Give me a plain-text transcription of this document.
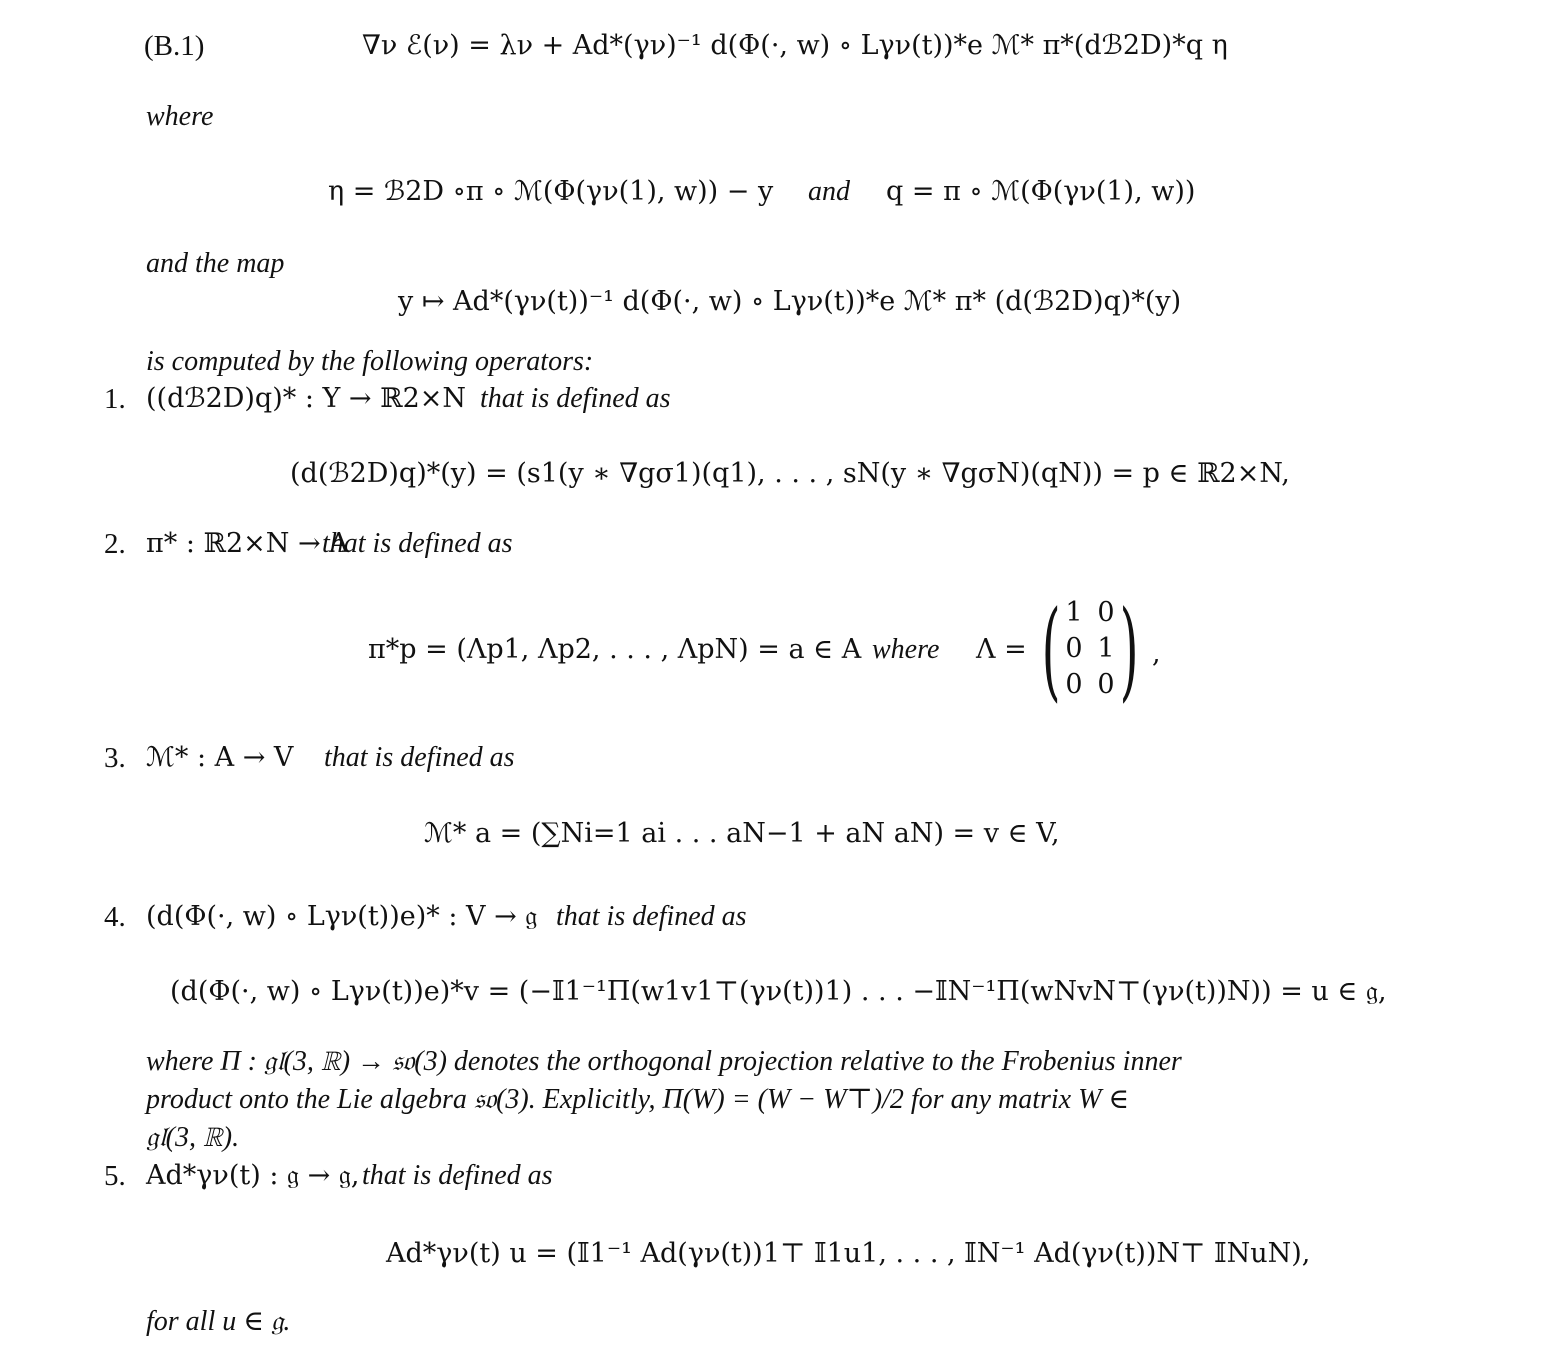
(B.1)	∇ν ℰ(ν) = λν + Ad*(γν)⁻¹ d(Φ(·, w) ∘ Lγν(t))*e ℳ* π*(dℬ2D)*q η
where
η = ℬ2D ∘π ∘ ℳ(Φ(γν(1), w)) − y and q = π ∘ ℳ(Φ(γν(1), w))
and the map
y ↦ Ad*(γν(t))⁻¹ d(Φ(·, w) ∘ Lγν(t))*e ℳ* π* (d(ℬ2D)q)*(y)
is computed by the following operators:
1. ((dℬ2D)q)* : Y → ℝ2×N that is defined as
(d(ℬ2D)q)*(y) = (s1(y ∗ ∇gσ1)(q1), . . . , sN(y ∗ ∇gσN)(qN)) = p ∈ ℝ2×N,
2. π* : ℝ2×N → A
that is defined as
π*p = (Λp1, Λp2, . . . , ΛpN) = a ∈ A where Λ = ( 1 0
0 1
0 0 ) ,
3. ℳ* : A → V that is defined as
ℳ* a = (∑Ni=1 ai . . . aN−1 + aN aN) = v ∈ V,
4. (d(Φ(·, w) ∘ Lγν(t))e)* : V → 𝔤 that is defined as
(d(Φ(·, w) ∘ Lγν(t))e)*v = (−𝕀1⁻¹Π(w1v1⊤(γν(t))1) . . . −𝕀N⁻¹Π(wNvN⊤(γν(t))N)) = u ∈ 𝔤,
where Π : 𝔤𝔩(3, ℝ) → 𝔰𝔬(3) denotes the orthogonal projection relative to the Frobenius inner
product onto the Lie algebra 𝔰𝔬(3). Explicitly, Π(W) = (W − W⊤)/2 for any matrix W ∈
𝔤𝔩(3, ℝ).
5. Ad*γν(t) : 𝔤 → 𝔤, that is defined as
Ad*γν(t) u = (𝕀1⁻¹ Ad(γν(t))1⊤ 𝕀1u1, . . . , 𝕀N⁻¹ Ad(γν(t))N⊤ 𝕀NuN),
for all u ∈ 𝔤.
